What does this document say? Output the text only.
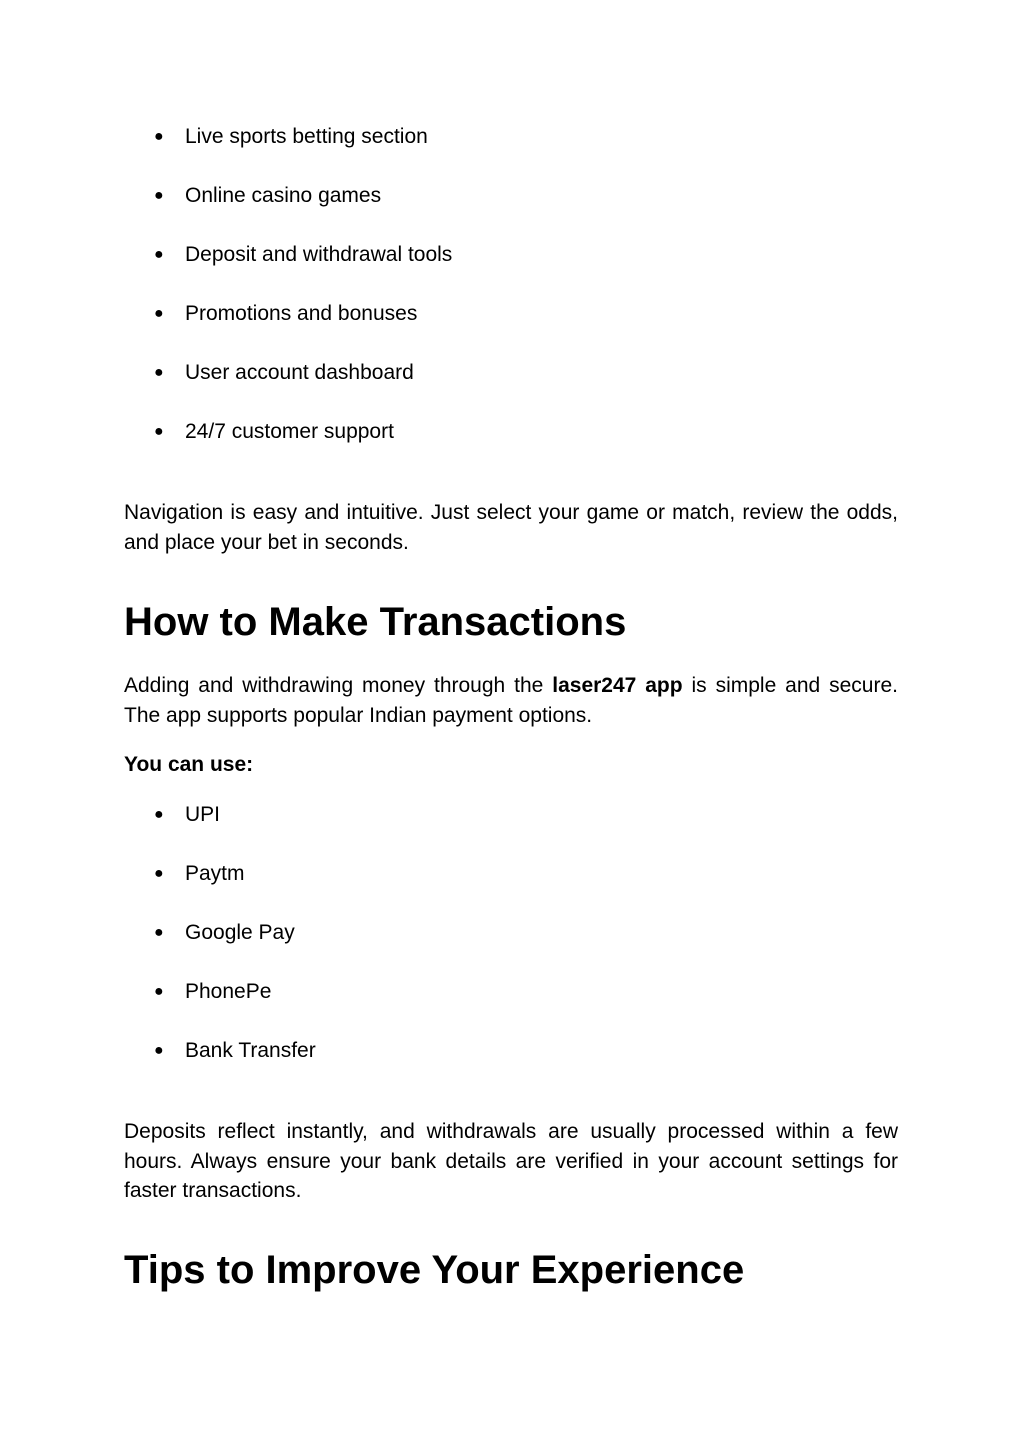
● Live sports betting section
● Online casino games
● Deposit and withdrawal tools
● Promotions and bonuses
● User account dashboard
● 24/7 customer support

Navigation is easy and intuitive. Just select your game or match, review the odds, and place your bet in seconds.

How to Make Transactions

Adding and withdrawing money through the laser247 app is simple and secure. The app supports popular Indian payment options.

You can use:

● UPI
● Paytm
● Google Pay
● PhonePe
● Bank Transfer

Deposits reflect instantly, and withdrawals are usually processed within a few hours. Always ensure your bank details are verified in your account settings for faster transactions.

Tips to Improve Your Experience
